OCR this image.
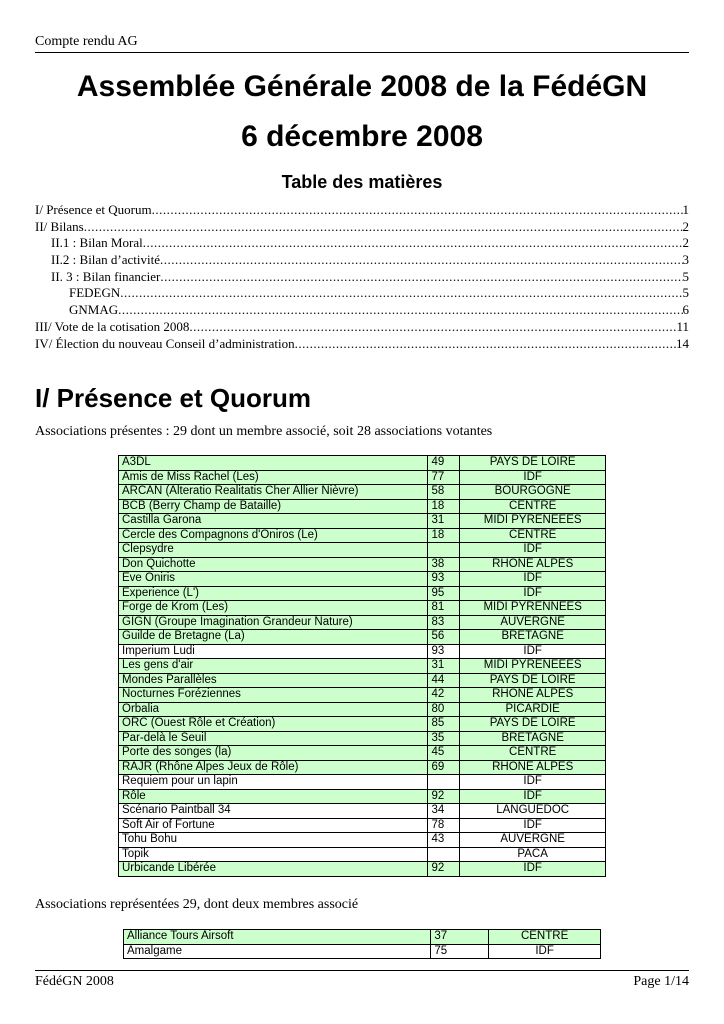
Compte rendu AG
Assemblée Générale 2008 de la FédéGN
6 décembre 2008
Table des matières
I/ Présence et Quorum .....	1
II/ Bilans .....	2
II.1 : Bilan Moral .....	2
II.2 : Bilan d’activité .....	3
II. 3 : Bilan financier .....	5
FEDEGN .....	5
GNMAG .....	6
III/ Vote de la cotisation 2008 .....	11
IV/ Élection du nouveau Conseil d’administration .....	14
I/ Présence et Quorum
Associations présentes : 29 dont un membre associé, soit 28 associations votantes
A3DL	49	PAYS DE LOIRE
Amis de Miss Rachel (Les)	77	IDF
ARCAN (Alteratio Realitatis Cher Allier Nièvre)	58	BOURGOGNE
BCB (Berry Champ de Bataille)	18	CENTRE
Castilla Garona	31	MIDI PYRENEEES
Cercle des Compagnons d'Oniros (Le)	18	CENTRE
Clepsydre		IDF
Don Quichotte	38	RHONE ALPES
Eve Oniris	93	IDF
Experience (L')	95	IDF
Forge de Krom (Les)	81	MIDI PYRENNEES
GIGN (Groupe Imagination Grandeur Nature)	83	AUVERGNE
Guilde de Bretagne (La)	56	BRETAGNE
Imperium Ludi	93	IDF
Les gens d'air	31	MIDI PYRENEEES
Mondes Parallèles	44	PAYS DE LOIRE
Nocturnes Foréziennes	42	RHONE ALPES
Orbalia	80	PICARDIE
ORC (Ouest Rôle et Création)	85	PAYS DE LOIRE
Par-delà le Seuil	35	BRETAGNE
Porte des songes (la)	45	CENTRE
RAJR (Rhône Alpes Jeux de Rôle)	69	RHONE ALPES
Requiem pour un lapin		IDF
Rôle	92	IDF
Scénario Paintball 34	34	LANGUEDOC
Soft Air of Fortune	78	IDF
Tohu Bohu	43	AUVERGNE
Topik		PACA
Urbicande Libérée	92	IDF
Associations représentées 29, dont deux membres associé
Alliance Tours Airsoft	37	CENTRE
Amalgame	75	IDF
FédéGN 2008	Page 1/14
